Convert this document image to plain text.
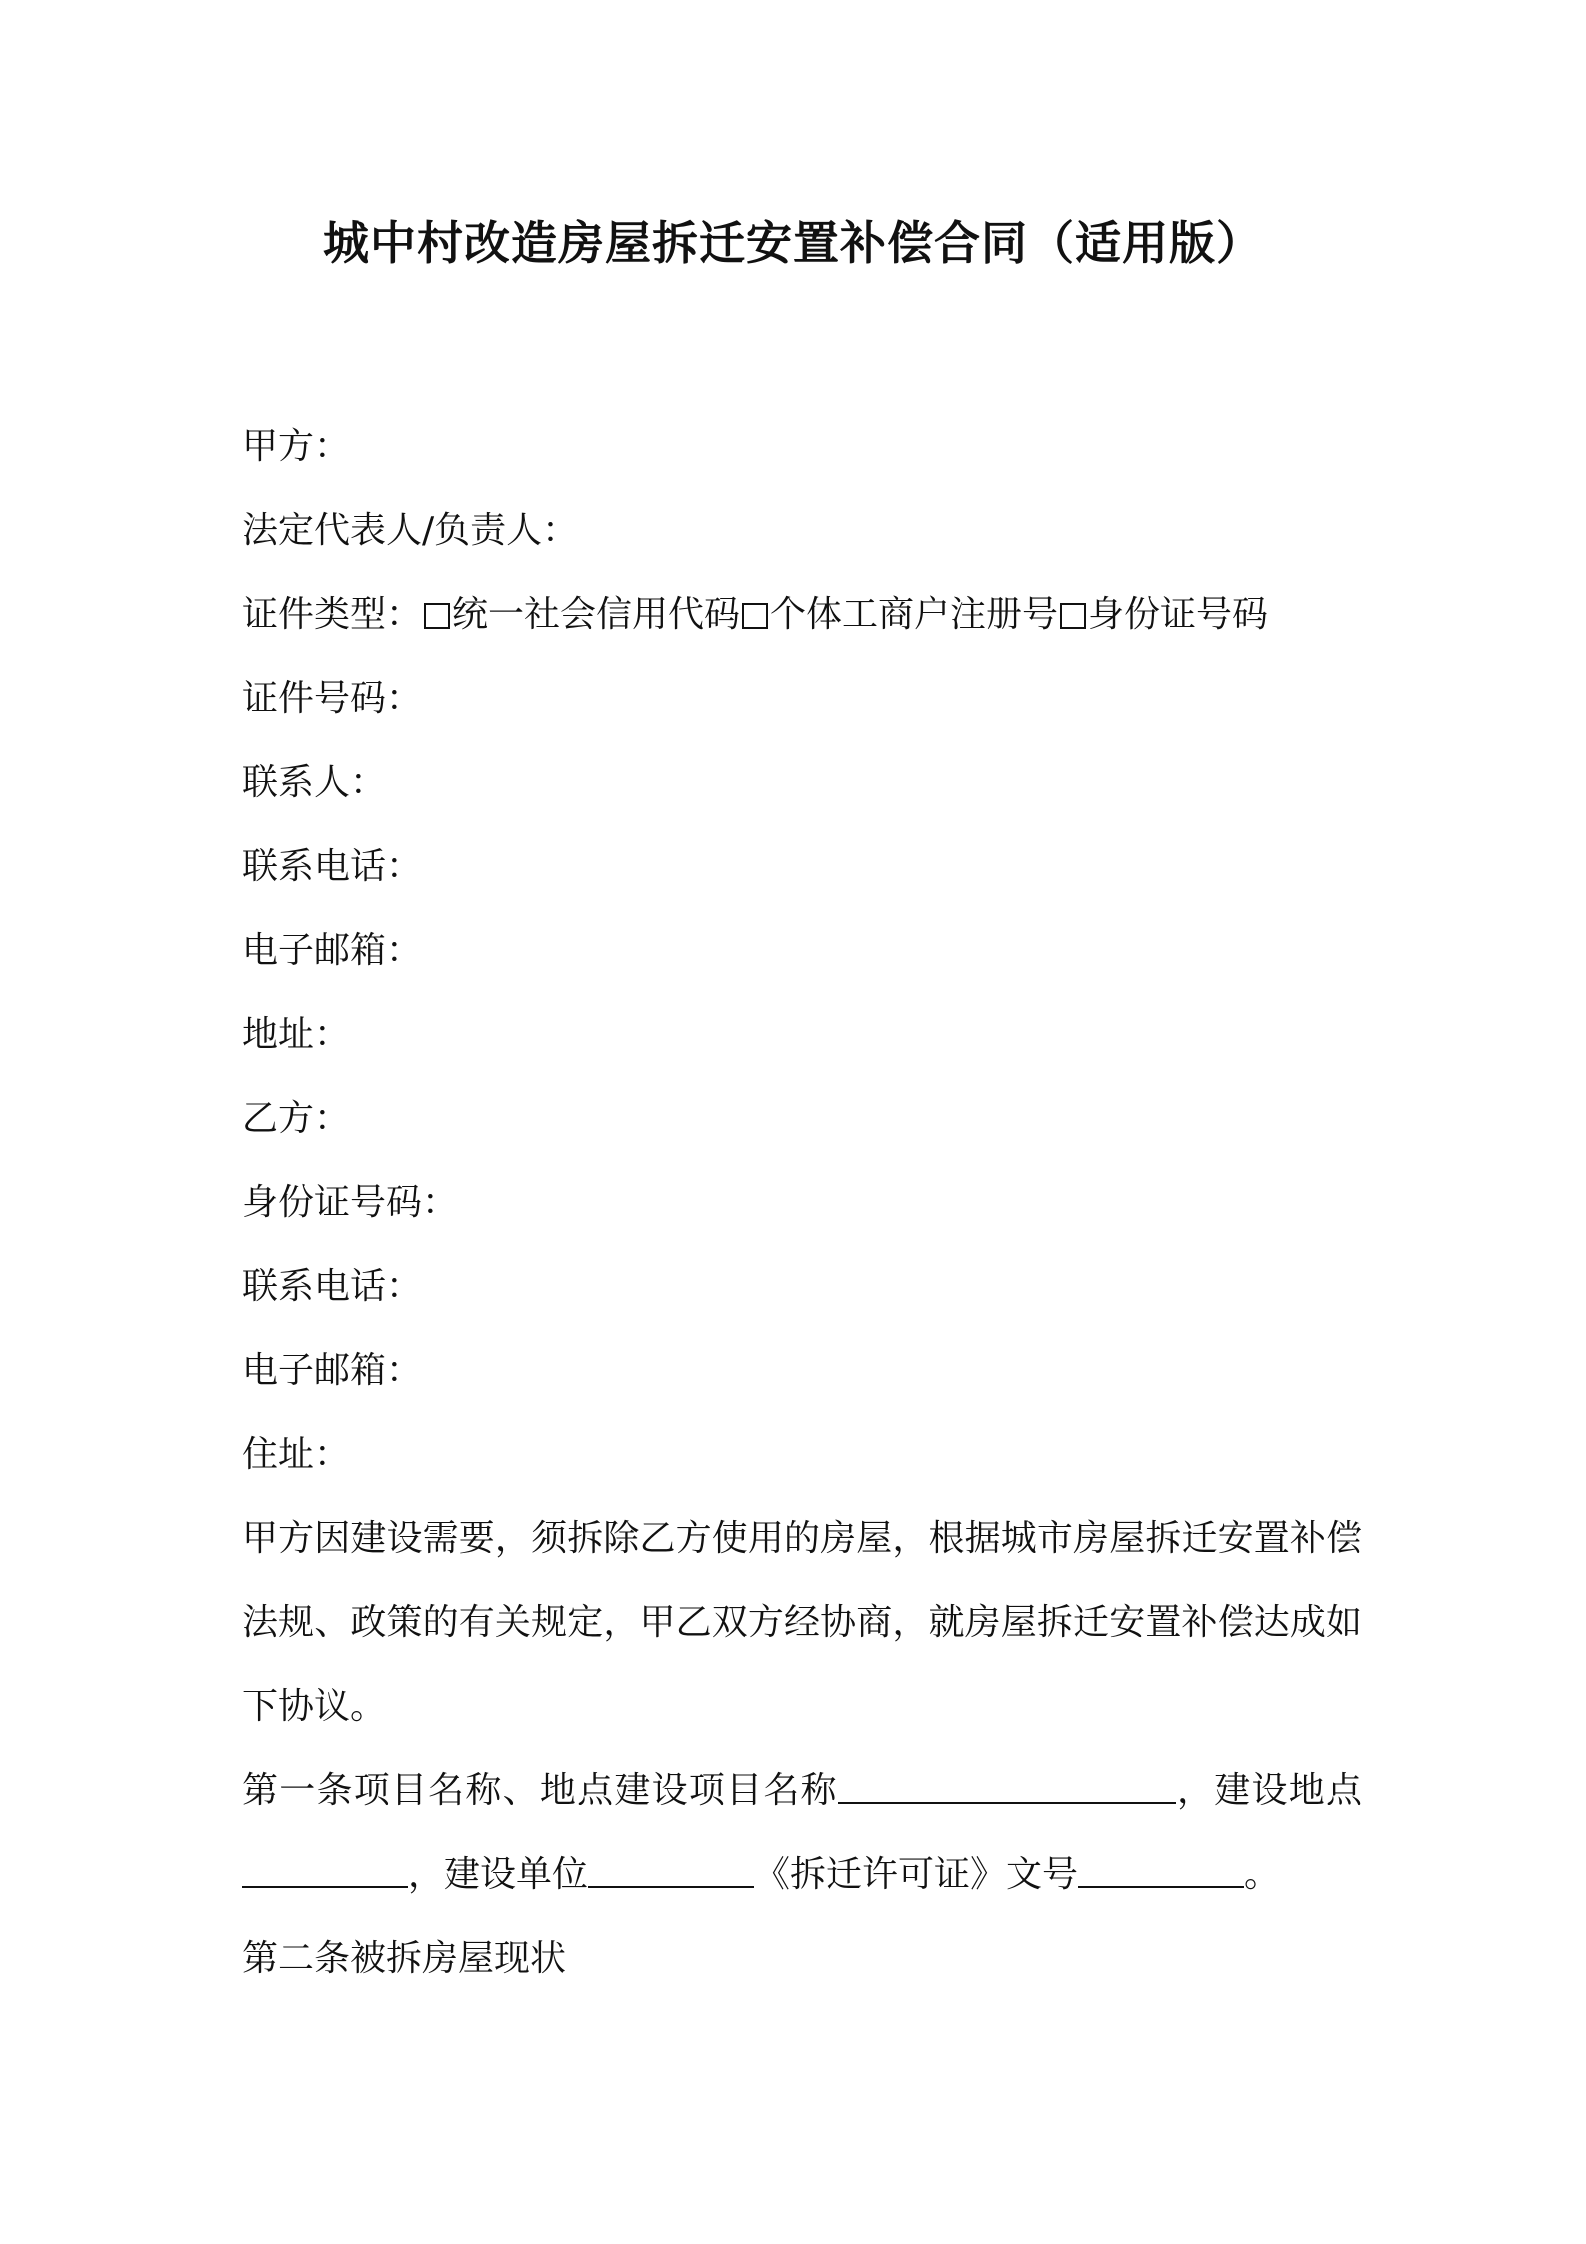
城中村改造房屋拆迁安置补偿合同（适用版）

甲方：

法定代表人/负责人：

证件类型： 统一社会信用代码 个体工商户注册号 身份证号码

证件号码：

联系人：

联系电话：

电子邮箱：

地址：

乙方：

身份证号码：

联系电话：

电子邮箱：

住址：

甲方因建设需要，须拆除乙方使用的房屋，根据城市房屋拆迁安置补偿法规、政策的有关规定，甲乙双方经协商，就房屋拆迁安置补偿达成如下协议。

第一条项目名称、地点建设项目名称	，建设地点，建设单位	《拆迁许可证》文号	。

第二条被拆房屋现状
